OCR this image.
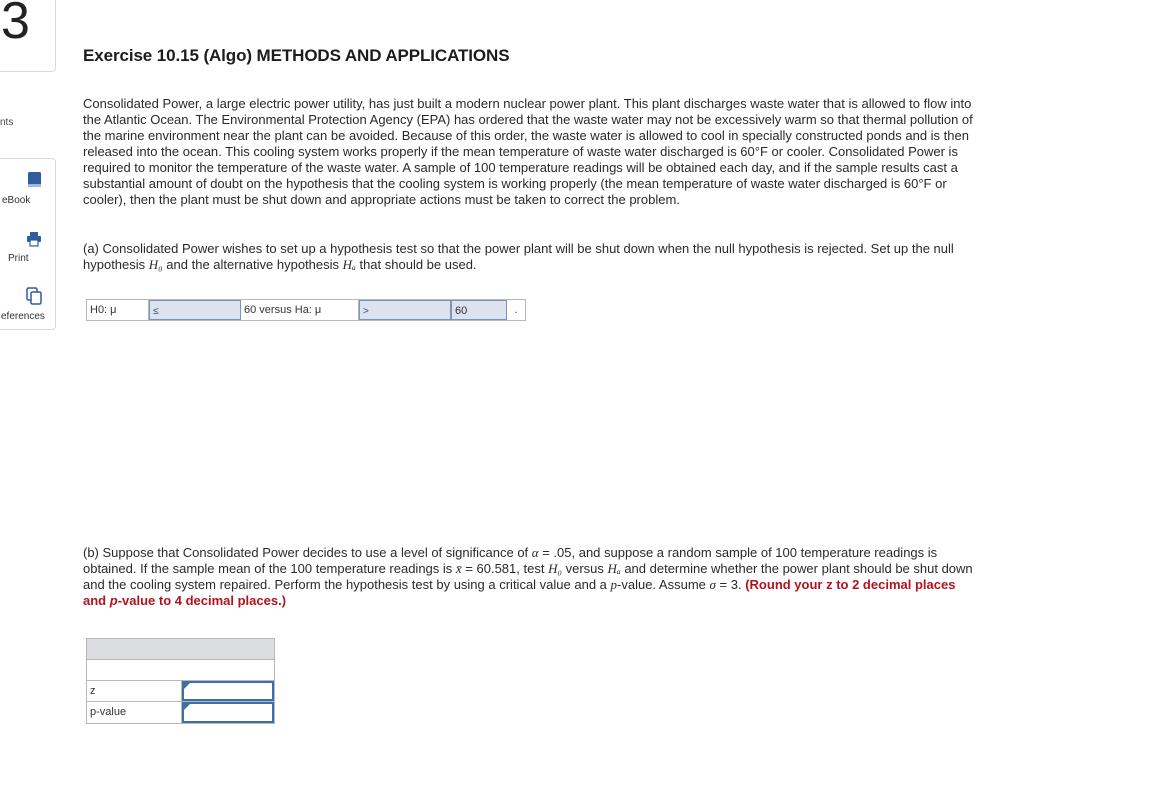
3
nts
eBook
Print
eferences
Exercise 10.15 (Algo) METHODS AND APPLICATIONS
Consolidated Power, a large electric power utility, has just built a modern nuclear power plant. This plant discharges waste water that is allowed to flow into the Atlantic Ocean. The Environmental Protection Agency (EPA) has ordered that the waste water may not be excessively warm so that thermal pollution of the marine environment near the plant can be avoided. Because of this order, the waste water is allowed to cool in specially constructed ponds and is then released into the ocean. This cooling system works properly if the mean temperature of waste water discharged is 60°F or cooler. Consolidated Power is required to monitor the temperature of the waste water. A sample of 100 temperature readings will be obtained each day, and if the sample results cast a substantial amount of doubt on the hypothesis that the cooling system is working properly (the mean temperature of waste water discharged is 60°F or cooler), then the plant must be shut down and appropriate actions must be taken to correct the problem.
(a) Consolidated Power wishes to set up a hypothesis test so that the power plant will be shut down when the null hypothesis is rejected. Set up the null hypothesis H₀ and the alternative hypothesis Hₐ that should be used.
H0: μ	≤	60 versus Ha: μ	>	60	.
(b) Suppose that Consolidated Power decides to use a level of significance of α = .05, and suppose a random sample of 100 temperature readings is obtained. If the sample mean of the 100 temperature readings is x̄ = 60.581, test H₀ versus Hₐ and determine whether the power plant should be shut down and the cooling system repaired. Perform the hypothesis test by using a critical value and a p-value. Assume σ = 3. (Round your z to 2 decimal places and p-value to 4 decimal places.)
z
p-value
